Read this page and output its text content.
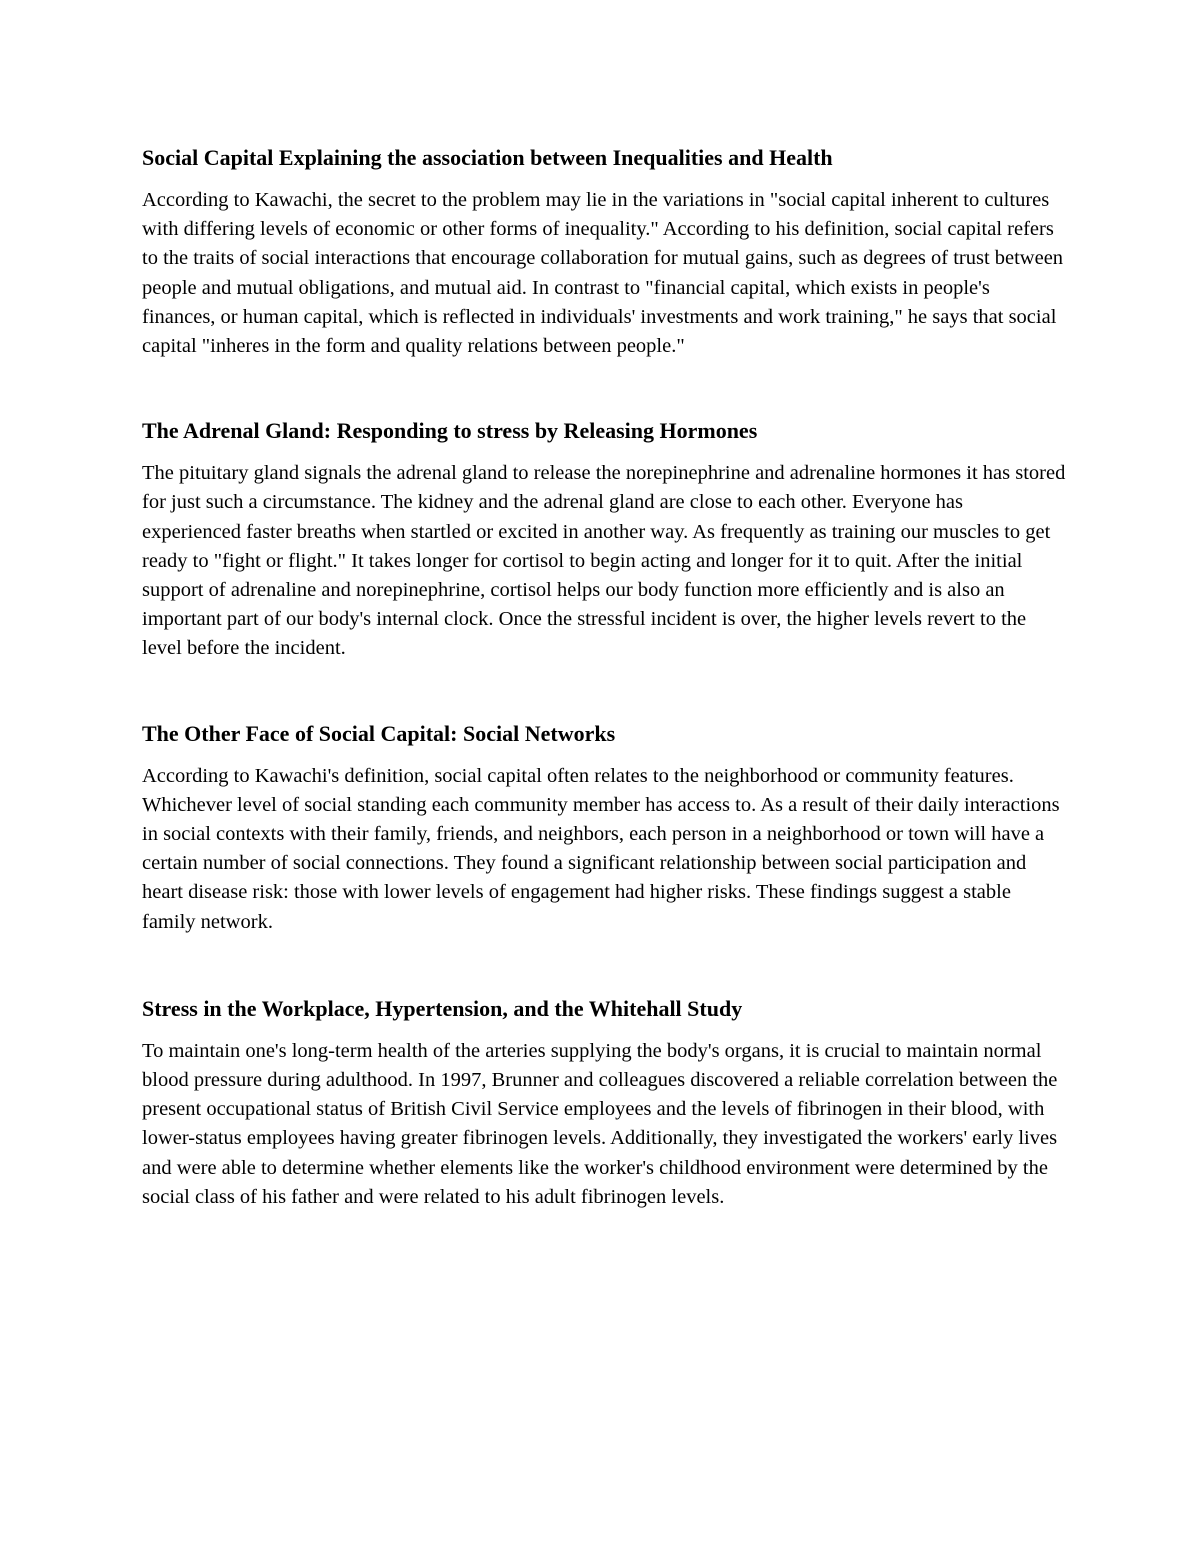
Social Capital Explaining the association between Inequalities and Health

According to Kawachi, the secret to the problem may lie in the variations in "social capital inherent to cultures with differing levels of economic or other forms of inequality." According to his definition, social capital refers to the traits of social interactions that encourage collaboration for mutual gains, such as degrees of trust between people and mutual obligations, and mutual aid. In contrast to "financial capital, which exists in people's finances, or human capital, which is reflected in individuals' investments and work training," he says that social capital "inheres in the form and quality relations between people."

The Adrenal Gland: Responding to stress by Releasing Hormones

The pituitary gland signals the adrenal gland to release the norepinephrine and adrenaline hormones it has stored for just such a circumstance. The kidney and the adrenal gland are close to each other. Everyone has experienced faster breaths when startled or excited in another way. As frequently as training our muscles to get ready to "fight or flight." It takes longer for cortisol to begin acting and longer for it to quit. After the initial support of adrenaline and norepinephrine, cortisol helps our body function more efficiently and is also an important part of our body's internal clock. Once the stressful incident is over, the higher levels revert to the level before the incident.

The Other Face of Social Capital: Social Networks

According to Kawachi's definition, social capital often relates to the neighborhood or community features. Whichever level of social standing each community member has access to. As a result of their daily interactions in social contexts with their family, friends, and neighbors, each person in a neighborhood or town will have a certain number of social connections. They found a significant relationship between social participation and heart disease risk: those with lower levels of engagement had higher risks. These findings suggest a stable family network.

Stress in the Workplace, Hypertension, and the Whitehall Study

To maintain one's long-term health of the arteries supplying the body's organs, it is crucial to maintain normal blood pressure during adulthood. In 1997, Brunner and colleagues discovered a reliable correlation between the present occupational status of British Civil Service employees and the levels of fibrinogen in their blood, with lower-status employees having greater fibrinogen levels. Additionally, they investigated the workers' early lives and were able to determine whether elements like the worker's childhood environment were determined by the social class of his father and were related to his adult fibrinogen levels.
